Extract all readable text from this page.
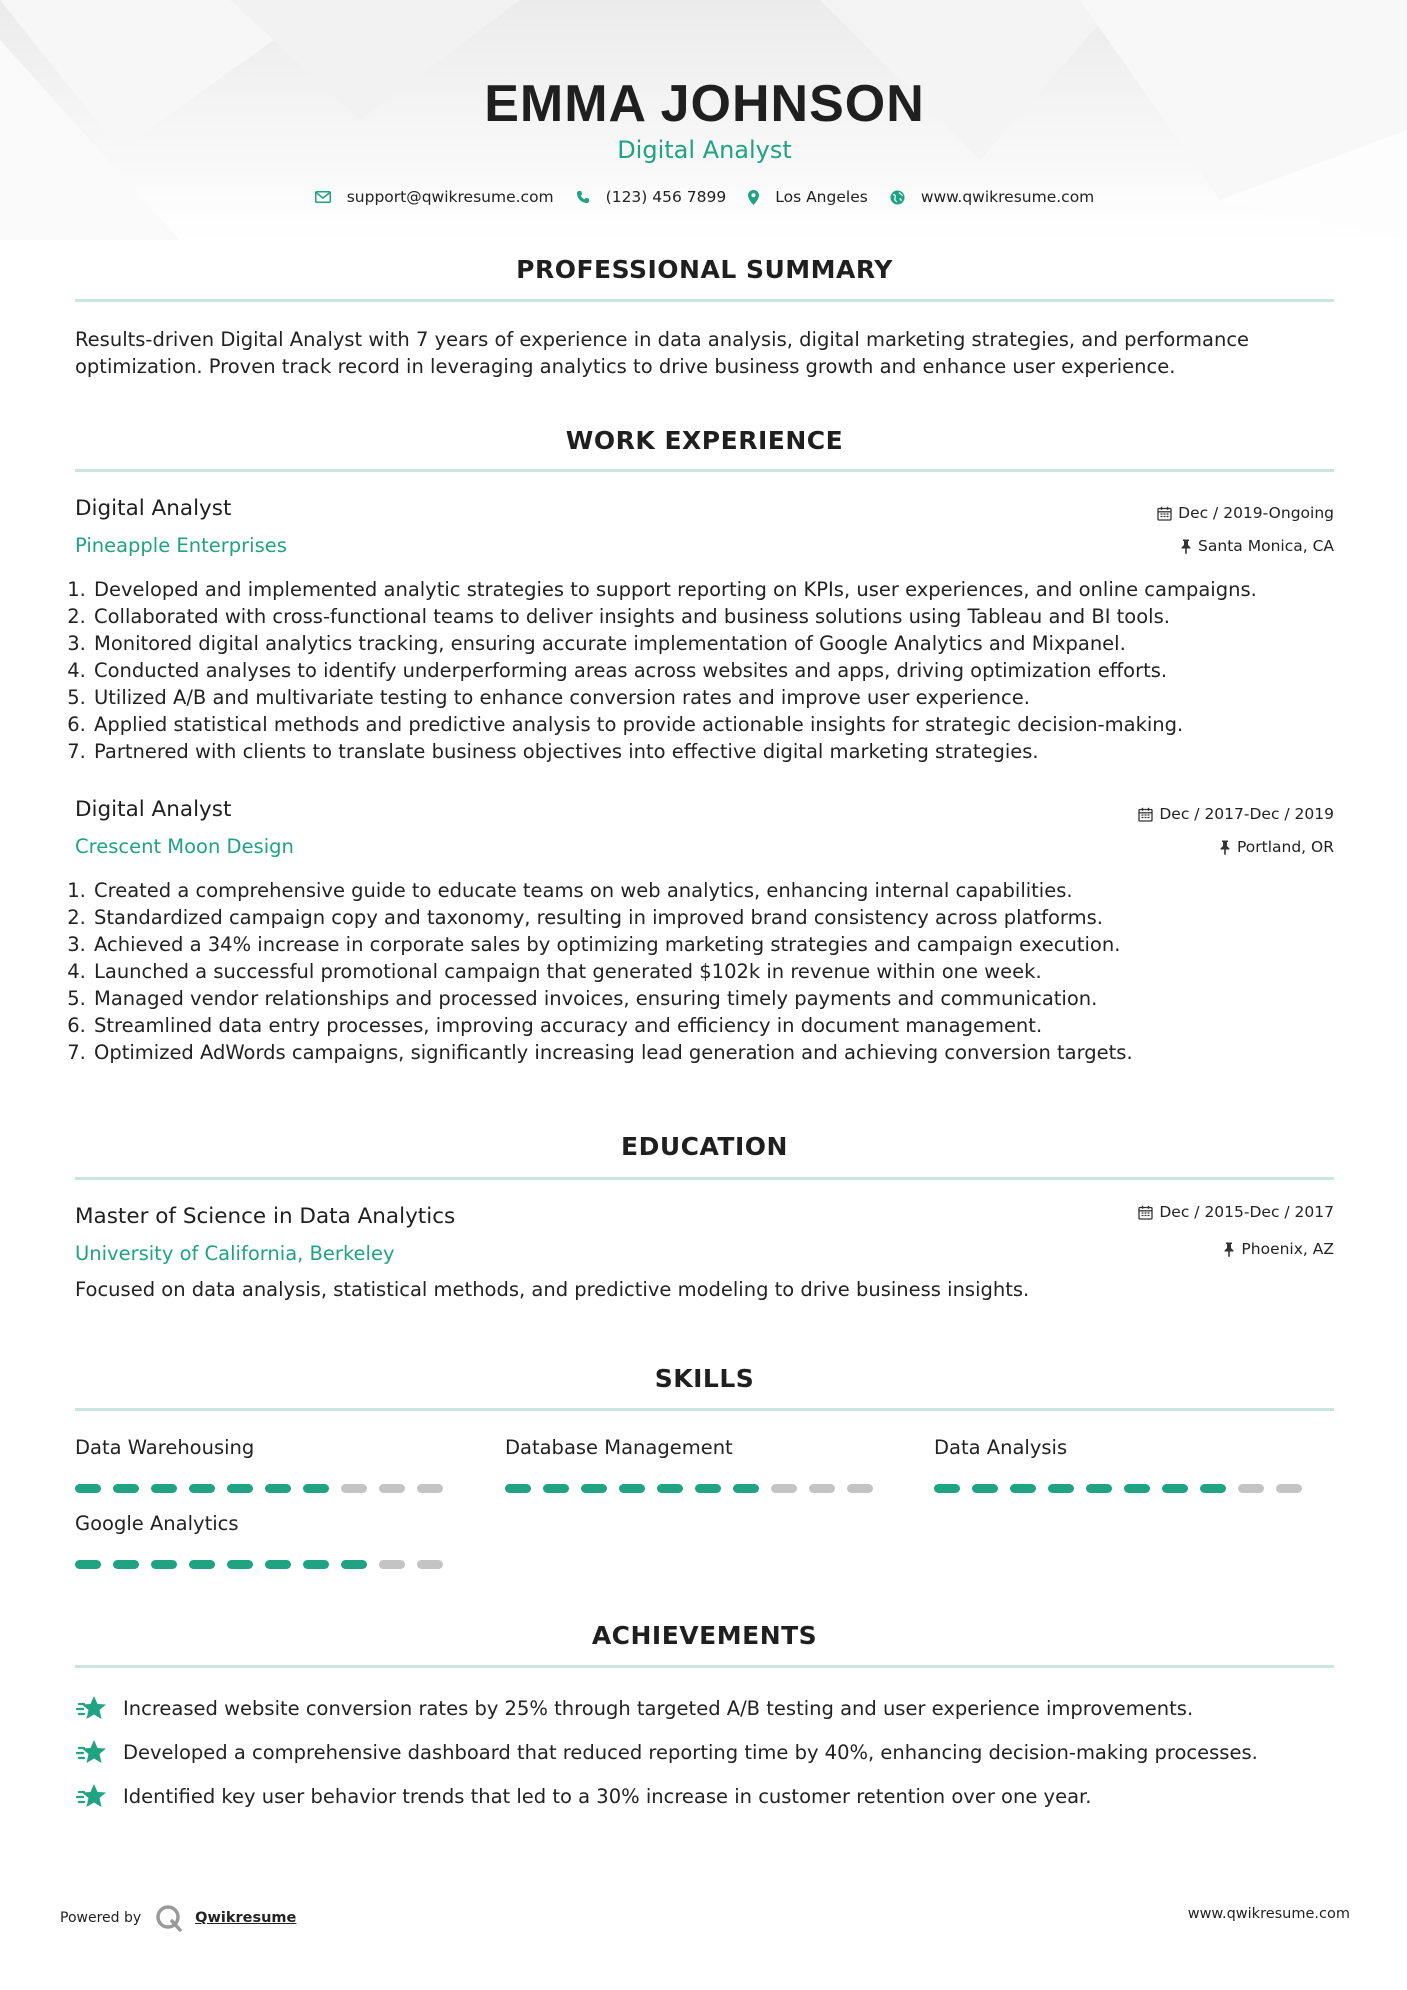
EMMA JOHNSON
Digital Analyst
support@qwikresume.com	(123) 456 7899	Los Angeles	www.qwikresume.com
PROFESSIONAL SUMMARY
Results-driven Digital Analyst with 7 years of experience in data analysis, digital marketing strategies, and performance optimization. Proven track record in leveraging analytics to drive business growth and enhance user experience.
WORK EXPERIENCE
Digital Analyst
Pineapple Enterprises
Dec / 2019-Ongoing
Santa Monica, CA
1. Developed and implemented analytic strategies to support reporting on KPIs, user experiences, and online campaigns.
2. Collaborated with cross-functional teams to deliver insights and business solutions using Tableau and BI tools.
3. Monitored digital analytics tracking, ensuring accurate implementation of Google Analytics and Mixpanel.
4. Conducted analyses to identify underperforming areas across websites and apps, driving optimization efforts.
5. Utilized A/B and multivariate testing to enhance conversion rates and improve user experience.
6. Applied statistical methods and predictive analysis to provide actionable insights for strategic decision-making.
7. Partnered with clients to translate business objectives into effective digital marketing strategies.
Digital Analyst
Crescent Moon Design
Dec / 2017-Dec / 2019
Portland, OR
1. Created a comprehensive guide to educate teams on web analytics, enhancing internal capabilities.
2. Standardized campaign copy and taxonomy, resulting in improved brand consistency across platforms.
3. Achieved a 34% increase in corporate sales by optimizing marketing strategies and campaign execution.
4. Launched a successful promotional campaign that generated $102k in revenue within one week.
5. Managed vendor relationships and processed invoices, ensuring timely payments and communication.
6. Streamlined data entry processes, improving accuracy and efficiency in document management.
7. Optimized AdWords campaigns, significantly increasing lead generation and achieving conversion targets.
EDUCATION
Master of Science in Data Analytics
University of California, Berkeley
Dec / 2015-Dec / 2017
Phoenix, AZ
Focused on data analysis, statistical methods, and predictive modeling to drive business insights.
SKILLS
Data Warehousing	Database Management	Data Analysis
Google Analytics
ACHIEVEMENTS
Increased website conversion rates by 25% through targeted A/B testing and user experience improvements.
Developed a comprehensive dashboard that reduced reporting time by 40%, enhancing decision-making processes.
Identified key user behavior trends that led to a 30% increase in customer retention over one year.
Powered by	Qwikresume	www.qwikresume.com
